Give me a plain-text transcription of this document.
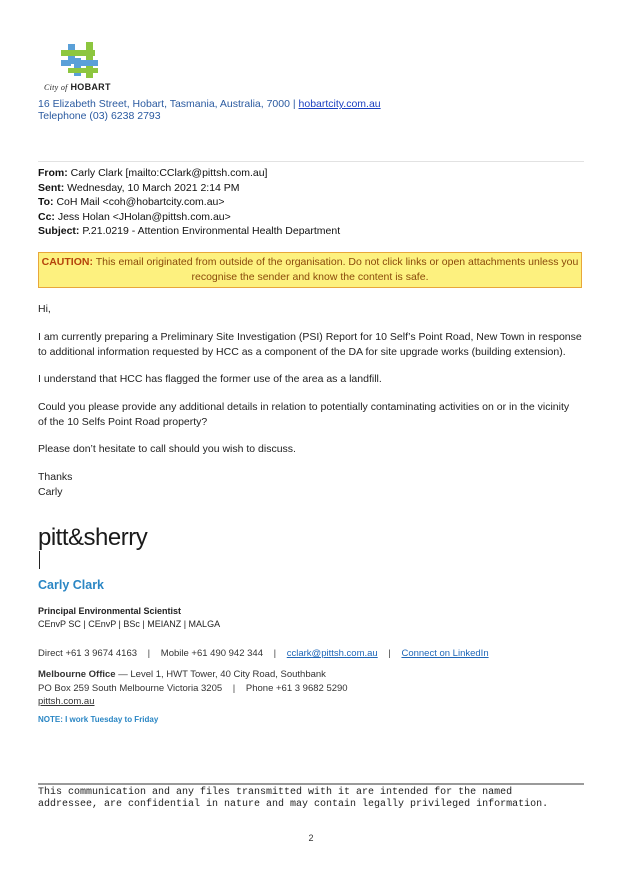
City of HOBART
16 Elizabeth Street, Hobart, Tasmania, Australia, 7000 | hobartcity.com.au
Telephone (03) 6238 2793
From: Carly Clark [mailto:CClark@pittsh.com.au]
Sent: Wednesday, 10 March 2021 2:14 PM
To: CoH Mail <coh@hobartcity.com.au>
Cc: Jess Holan <JHolan@pittsh.com.au>
Subject: P.21.0219 - Attention Environmental Health Department
CAUTION: This email originated from outside of the organisation. Do not click links or open attachments unless you
recognise the sender and know the content is safe.
Hi,
I am currently preparing a Preliminary Site Investigation (PSI) Report for 10 Self’s Point Road, New Town in response
to additional information requested by HCC as a component of the DA for site upgrade works (building extension).
I understand that HCC has flagged the former use of the area as a landfill.
Could you please provide any additional details in relation to potentially contaminating activities on or in the vicinity
of the 10 Selfs Point Road property?
Please don’t hesitate to call should you wish to discuss.
Thanks
Carly
pitt&sherry
Carly Clark
Principal Environmental Scientist
CEnvP SC | CEnvP | BSc | MEIANZ | MALGA
Direct +61 3 9674 4163 | Mobile +61 490 942 344 | cclark@pittsh.com.au | Connect on LinkedIn
Melbourne Office — Level 1, HWT Tower, 40 City Road, Southbank
PO Box 259 South Melbourne Victoria 3205 | Phone +61 3 9682 5290
pittsh.com.au
NOTE: I work Tuesday to Friday
This communication and any files transmitted with it are intended for the named
addressee, are confidential in nature and may contain legally privileged information.
2
